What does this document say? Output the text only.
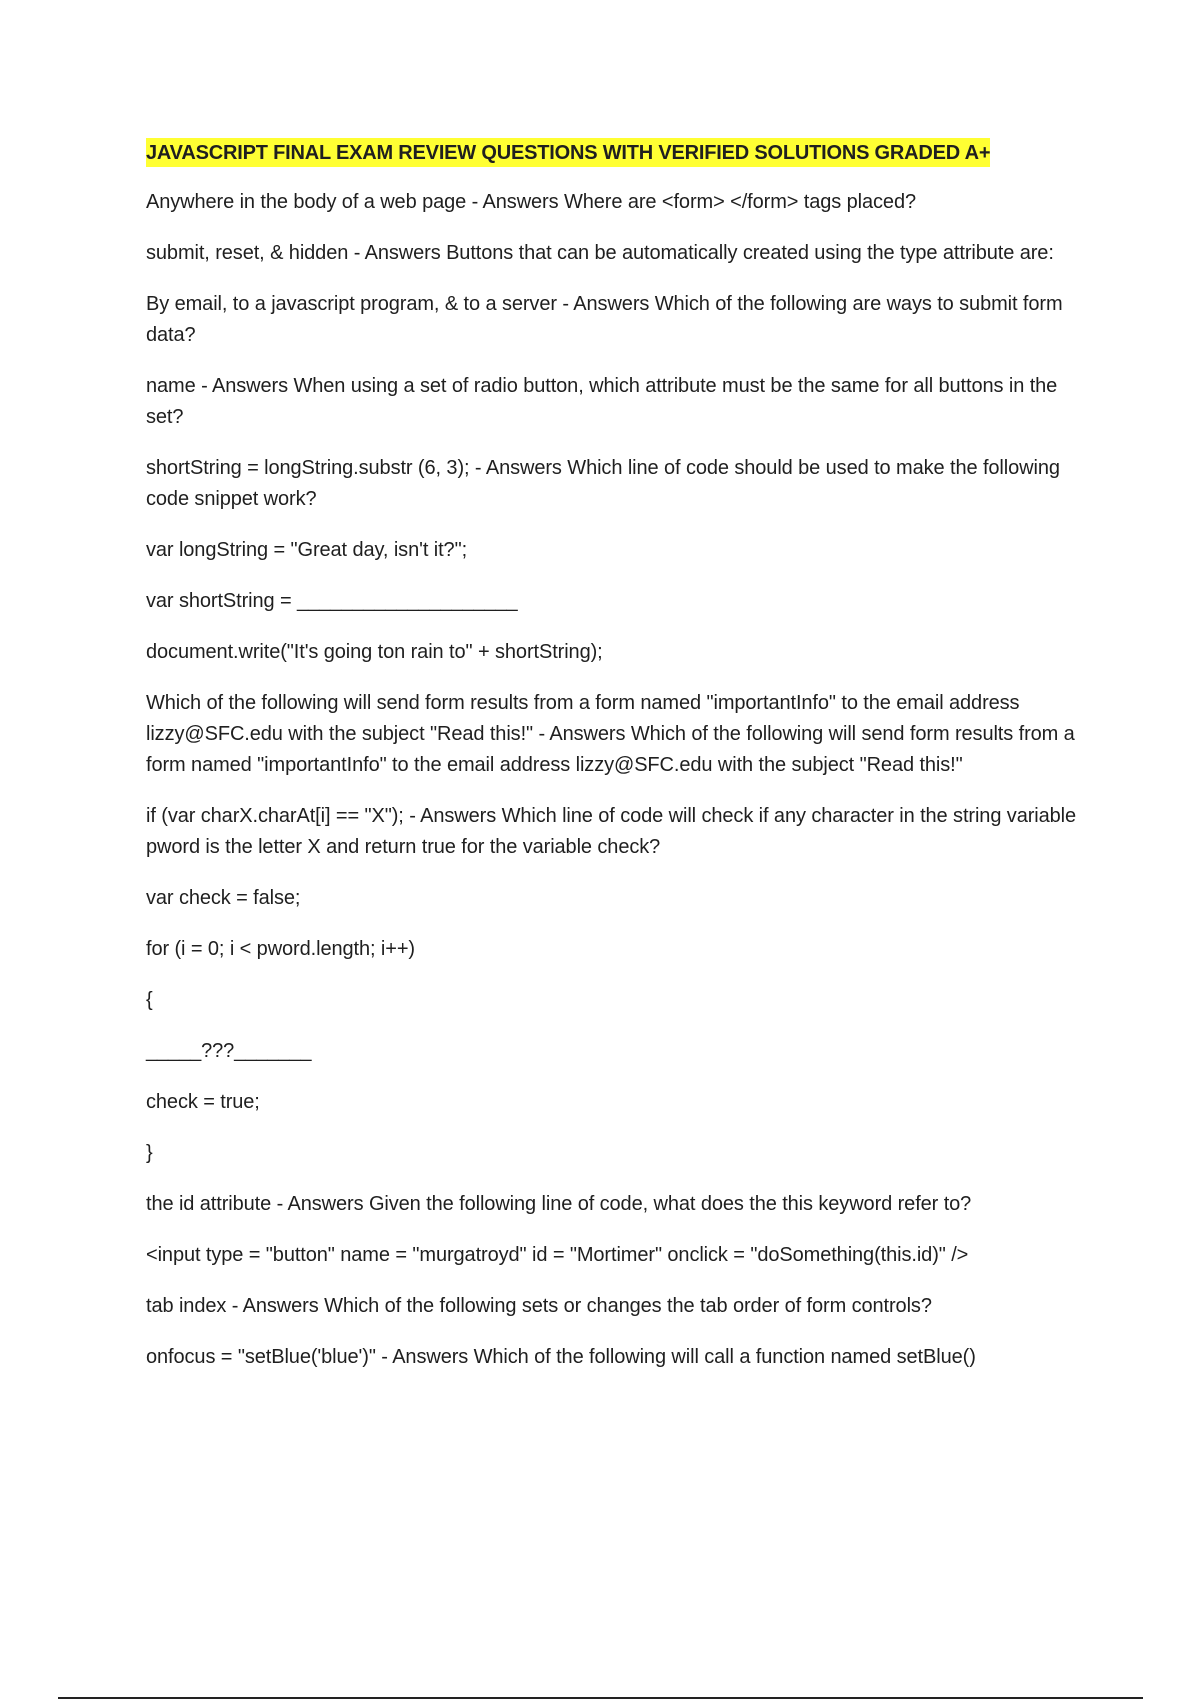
JAVASCRIPT FINAL EXAM REVIEW QUESTIONS WITH VERIFIED SOLUTIONS GRADED A+
Anywhere in the body of a web page - Answers Where are <form> </form> tags placed?
submit, reset, & hidden - Answers Buttons that can be automatically created using the type attribute are:
By email, to a javascript program, & to a server - Answers Which of the following are ways to submit form data?
name - Answers When using a set of radio button, which attribute must be the same for all buttons in the set?
shortString = longString.substr (6, 3); - Answers Which line of code should be used to make the following code snippet work?
var longString = "Great day, isn't it?";
var shortString = ____________________
document.write("It's going ton rain to" + shortString);
Which of the following will send form results from a form named "importantInfo" to the email address lizzy@SFC.edu with the subject "Read this!" - Answers Which of the following will send form results from a form named "importantInfo" to the email address lizzy@SFC.edu with the subject "Read this!"
if (var charX.charAt[i] == "X"); - Answers Which line of code will check if any character in the string variable pword is the letter X and return true for the variable check?
var check = false;
for (i = 0; i < pword.length; i++)
{
_____???_______
check = true;
}
the id attribute - Answers Given the following line of code, what does the this keyword refer to?
<input type = "button" name = "murgatroyd" id = "Mortimer" onclick = "doSomething(this.id)" />
tab index - Answers Which of the following sets or changes the tab order of form controls?
onfocus = "setBlue('blue')" - Answers Which of the following will call a function named setBlue()
